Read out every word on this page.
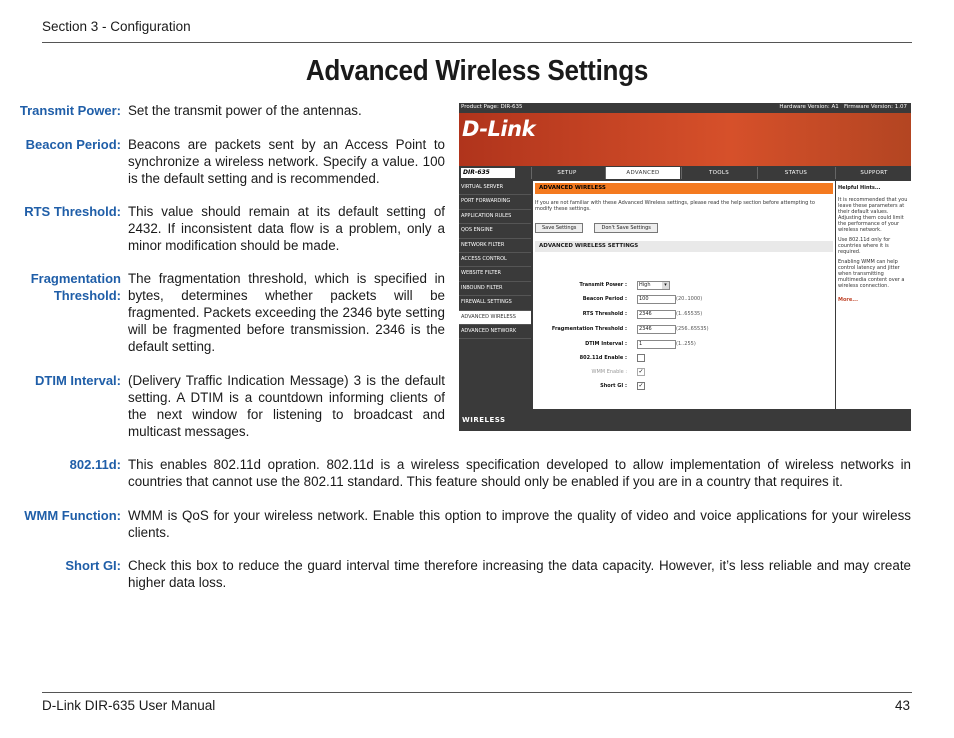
Section 3 - Configuration
Advanced Wireless Settings
Transmit Power: Set the transmit power of the antennas.
Beacon Period: Beacons are packets sent by an Access Point to synchronize a wireless network. Specify a value. 100 is the default setting and is recommended.
RTS Threshold: This value should remain at its default setting of 2432. If inconsistent data flow is a problem, only a minor modification should be made.
Fragmentation
Threshold:
The fragmentation threshold, which is specified in bytes, determines whether packets will be fragmented. Packets exceeding the 2346 byte setting will be fragmented before transmission. 2346 is the default setting.
DTIM Interval: (Delivery Traffic Indication Message) 3 is the default setting. A DTIM is a countdown informing clients of the next window for listening to broadcast and multicast messages.
802.11d: This enables 802.11d opration. 802.11d is a wireless specification developed to allow implementation of wireless networks in countries that cannot use the 802.11 standard. This feature should only be enabled if you are in a country that requires it.
WMM Function: WMM is QoS for your wireless network. Enable this option to improve the quality of video and voice applications for your wireless clients.
Short GI: Check this box to reduce the guard interval time therefore increasing the data capacity. However, it’s less reliable and may create higher data loss.
Product Page: DIR-635	Hardware Version: A1 Firmware Version: 1.07
D-Link
DIR-635	SETUP	ADVANCED	TOOLS	STATUS	SUPPORT
VIRTUAL SERVER
PORT FORWARDING
APPLICATION RULES
QOS ENGINE
NETWORK FILTER
ACCESS CONTROL
WEBSITE FILTER
INBOUND FILTER
FIREWALL SETTINGS
ADVANCED WIRELESS
ADVANCED NETWORK
ADVANCED WIRELESS
If you are not familiar with these Advanced Wireless settings, please read the help section before attempting to modify these settings.
Save Settings	Don't Save Settings
ADVANCED WIRELESS SETTINGS
Transmit Power :	High	▾
Beacon Period :	100	(20..1000)
RTS Threshold :	2346	(1..65535)
Fragmentation Threshold :	2346	(256..65535)
DTIM Interval :	1	(1..255)
802.11d Enable :
WMM Enable : ✓
Short GI : ✓
Helpful Hints...
It is recommended that you leave these parameters at their default values. Adjusting them could limit the performance of your wireless network.
Use 802.11d only for countries where it is required.
Enabling WMM can help control latency and jitter when transmitting multimedia content over a wireless connection.
More...
WIRELESS
D-Link DIR-635 User Manual	43
